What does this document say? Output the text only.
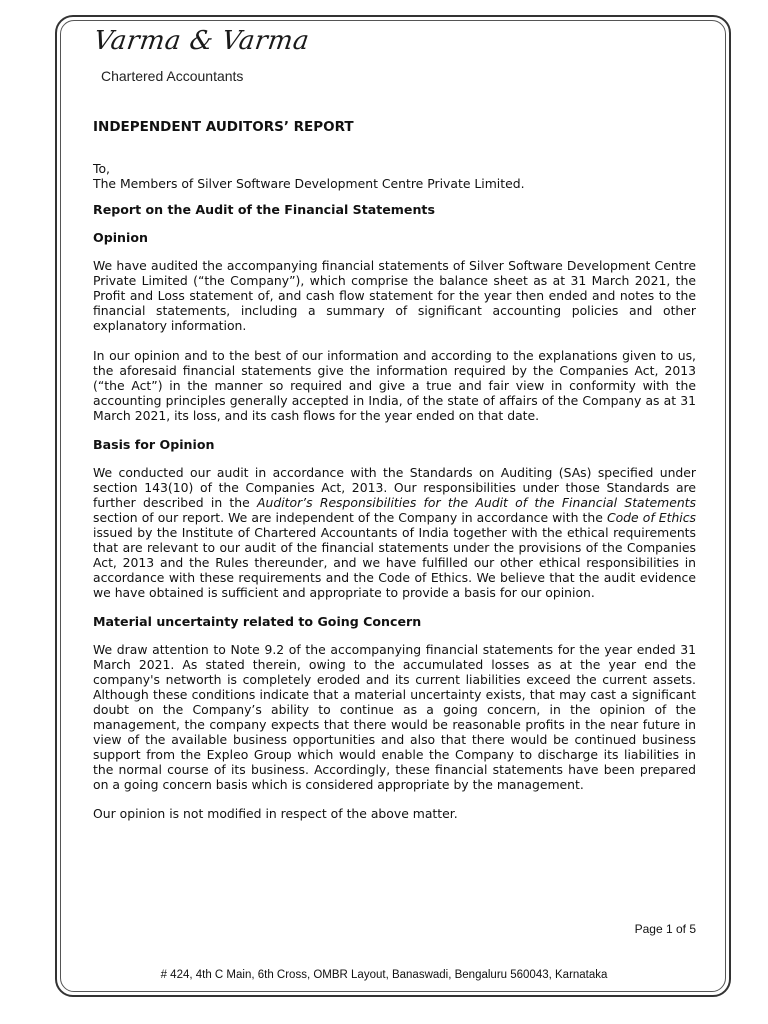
Varma & Varma
Chartered Accountants
INDEPENDENT AUDITORS’ REPORT
To,
The Members of Silver Software Development Centre Private Limited.
Report on the Audit of the Financial Statements
Opinion

We have audited the accompanying financial statements of Silver Software Development Centre Private Limited (“the Company”), which comprise the balance sheet as at 31 March 2021, the Profit and Loss statement of, and cash flow statement for the year then ended and notes to the financial statements, including a summary of significant accounting policies and other explanatory information.

In our opinion and to the best of our information and according to the explanations given to us, the aforesaid financial statements give the information required by the Companies Act, 2013 (“the Act”) in the manner so required and give a true and fair view in conformity with the accounting principles generally accepted in India, of the state of affairs of the Company as at 31 March 2021, its loss, and its cash flows for the year ended on that date.

Basis for Opinion

We conducted our audit in accordance with the Standards on Auditing (SAs) specified under section 143(10) of the Companies Act, 2013. Our responsibilities under those Standards are further described in the Auditor’s Responsibilities for the Audit of the Financial Statements section of our report. We are independent of the Company in accordance with the Code of Ethics issued by the Institute of Chartered Accountants of India together with the ethical requirements that are relevant to our audit of the financial statements under the provisions of the Companies Act, 2013 and the Rules thereunder, and we have fulfilled our other ethical responsibilities in accordance with these requirements and the Code of Ethics. We believe that the audit evidence we have obtained is sufficient and appropriate to provide a basis for our opinion.

Material uncertainty related to Going Concern

We draw attention to Note 9.2 of the accompanying financial statements for the year ended 31 March 2021. As stated therein, owing to the accumulated losses as at the year end the company's networth is completely eroded and its current liabilities exceed the current assets. Although these conditions indicate that a material uncertainty exists, that may cast a significant doubt on the Company’s ability to continue as a going concern, in the opinion of the management, the company expects that there would be reasonable profits in the near future in view of the available business opportunities and also that there would be continued business support from the Expleo Group which would enable the Company to discharge its liabilities in the normal course of its business. Accordingly, these financial statements have been prepared on a going concern basis which is considered appropriate by the management.

Our opinion is not modified in respect of the above matter.

Page 1 of 5
# 424, 4th C Main, 6th Cross, OMBR Layout, Banaswadi, Bengaluru 560043, Karnataka
